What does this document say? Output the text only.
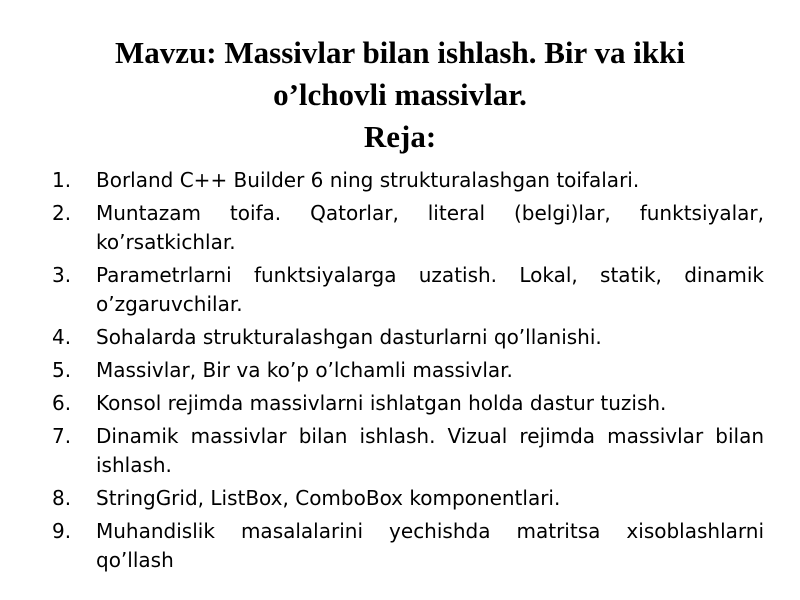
Mavzu: Massivlar bilan ishlash. Bir va ikki
o’lchovli massivlar.
Reja:
1.	Borland C++ Builder 6 ning strukturalashgan toifalari.
2.	Muntazam toifa. Qatorlar, literal (belgi)lar, funktsiyalar, ko’rsatkichlar.
3.	Parametrlarni funktsiyalarga uzatish. Lokal, statik, dinamik o’zgaruvchilar.
4.	Sohalarda strukturalashgan dasturlarni qo’llanishi.
5.	Massivlar, Bir va ko’p o’lchamli massivlar.
6.	Konsol rejimda massivlarni ishlatgan holda dastur tuzish.
7.	Dinamik massivlar bilan ishlash. Vizual rejimda massivlar bilan ishlash.
8.	StringGrid, ListBox, ComboBox komponentlari.
9.	Muhandislik masalalarini yechishda matritsa xisoblashlarni qo’llash
